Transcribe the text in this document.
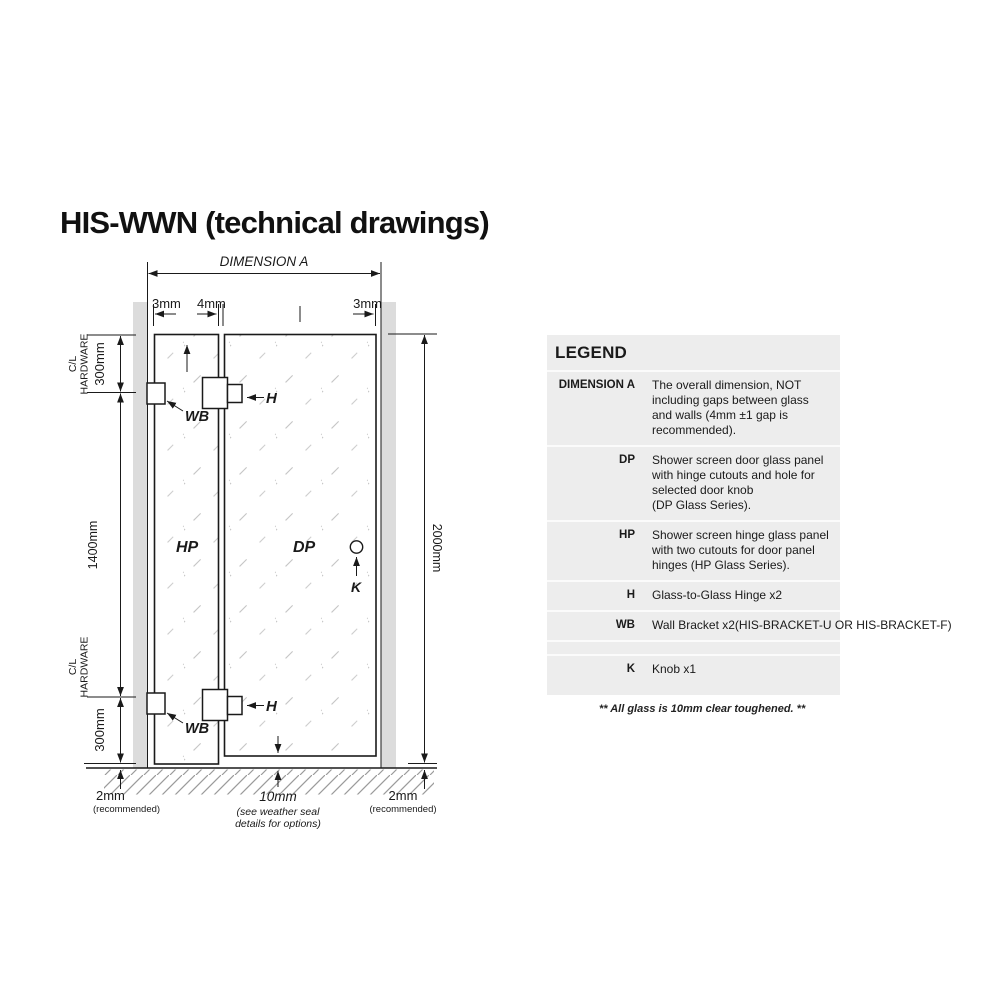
HIS-WWN (technical drawings)
DIMENSION A
3mm 4mm	3mm
C/LHARDWARE 300mm
1400mm
C/LHARDWARE
300mm
2000mm
WB
WB
H
H
HP	DP
K
2mm
(recommended)
10mm
(see weather seal
details for options)
2mm
(recommended)
LEGEND
DIMENSION A The overall dimension, NOT
including gaps between glass
and walls (4mm ±1 gap is
recommended).
DP Shower screen door glass panel
with hinge cutouts and hole for
selected door knob
(DP Glass Series).
HP Shower screen hinge glass panel
with two cutouts for door panel
hinges (HP Glass Series).
H Glass-to-Glass Hinge x2
WB Wall Bracket x2(HIS-BRACKET-U OR HIS-BRACKET-F)
K Knob x1
** All glass is 10mm clear toughened. **
